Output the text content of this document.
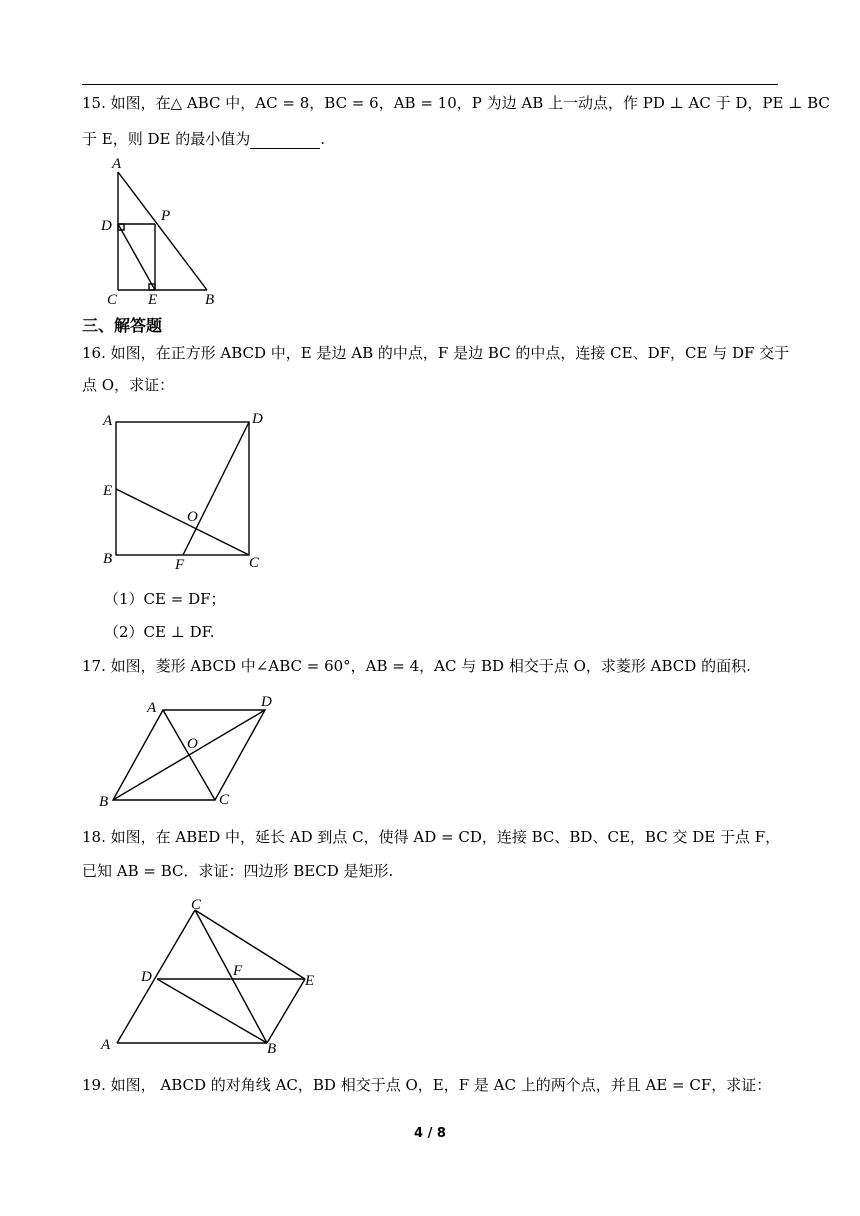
15. 如图，在△ ABC 中，AC = 8，BC = 6，AB = 10，P 为边 AB 上一动点，作 PD ⊥ AC 于 D，PE ⊥ BC
于 E，则 DE 的最小值为	.
A
D
P
C E	B
三、解答题
16. 如图，在正方形 ABCD 中，E 是边 AB 的中点，F 是边 BC 的中点，连接 CE、DF，CE 与 DF 交于
点 O，求证：
A	D
E
O
B	F	C
（1）CE = DF；
（2）CE ⊥ DF.
17. 如图，菱形 ABCD 中∠ABC = 60°，AB = 4，AC 与 BD 相交于点 O，求菱形 ABCD 的面积.
A	D
O
B	C
18. 如图，在 ABED 中，延长 AD 到点 C，使得 AD = CD，连接 BC、BD、CE，BC 交 DE 于点 F，
已知 AB = BC．求证：四边形 BECD 是矩形.
C
D	F
E
A	B
19. 如图， ABCD 的对角线 AC，BD 相交于点 O，E，F 是 AC 上的两个点，并且 AE = CF，求证：
4 / 8
